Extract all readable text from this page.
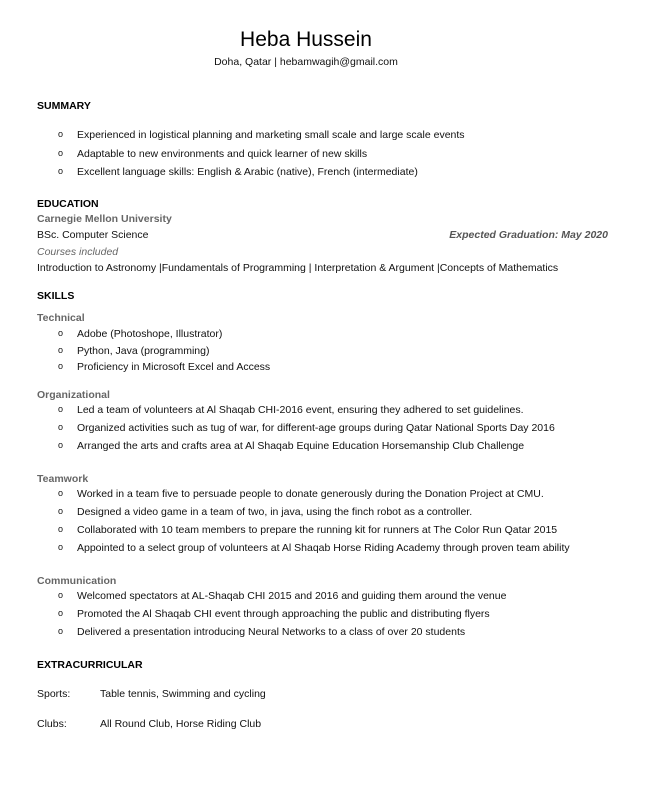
Heba Hussein
Doha, Qatar | hebamwagih@gmail.com
SUMMARY
o Experienced in logistical planning and marketing small scale and large scale events
o Adaptable to new environments and quick learner of new skills
o Excellent language skills: English & Arabic (native), French (intermediate)
EDUCATION
Carnegie Mellon University
BSc. Computer Science	Expected Graduation: May 2020
Courses included
Introduction to Astronomy |Fundamentals of Programming | Interpretation & Argument |Concepts of Mathematics
SKILLS
Technical
o Adobe (Photoshope, Illustrator)
o Python, Java (programming)
o Proficiency in Microsoft Excel and Access
Organizational
o Led a team of volunteers at Al Shaqab CHI-2016 event, ensuring they adhered to set guidelines.
o Organized activities such as tug of war, for different-age groups during Qatar National Sports Day 2016
o Arranged the arts and crafts area at Al Shaqab Equine Education Horsemanship Club Challenge
Teamwork
o Worked in a team five to persuade people to donate generously during the Donation Project at CMU.
o Designed a video game in a team of two, in java, using the finch robot as a controller.
o Collaborated with 10 team members to prepare the running kit for runners at The Color Run Qatar 2015
o Appointed to a select group of volunteers at Al Shaqab Horse Riding Academy through proven team ability
Communication
o Welcomed spectators at AL-Shaqab CHI 2015 and 2016 and guiding them around the venue
o Promoted the Al Shaqab CHI event through approaching the public and distributing flyers
o Delivered a presentation introducing Neural Networks to a class of over 20 students
EXTRACURRICULAR
Sports:	Table tennis, Swimming and cycling
Clubs:	All Round Club, Horse Riding Club
